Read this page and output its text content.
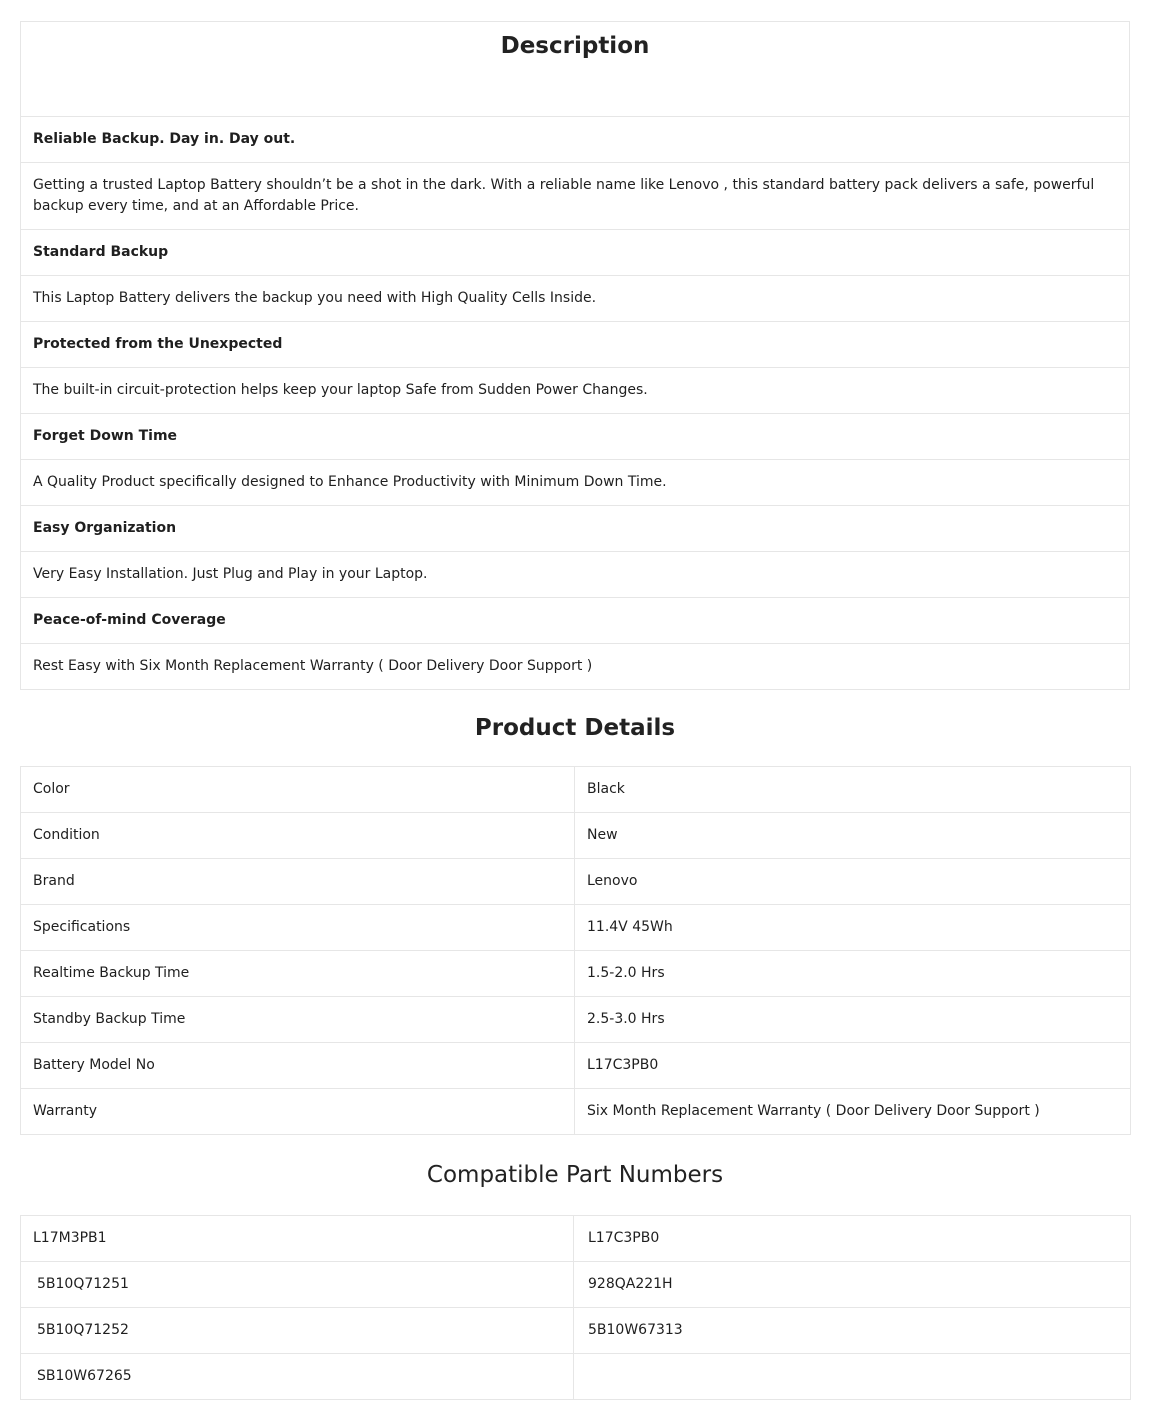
Description
Reliable Backup. Day in. Day out.
Getting a trusted Laptop Battery shouldn’t be a shot in the dark. With a reliable name like Lenovo , this standard battery pack delivers a safe, powerful backup every time, and at an Affordable Price.
Standard Backup
This Laptop Battery delivers the backup you need with High Quality Cells Inside.
Protected from the Unexpected
The built-in circuit-protection helps keep your laptop Safe from Sudden Power Changes.
Forget Down Time
A Quality Product specifically designed to Enhance Productivity with Minimum Down Time.
Easy Organization
Very Easy Installation. Just Plug and Play in your Laptop.
Peace-of-mind Coverage
Rest Easy with Six Month Replacement Warranty ( Door Delivery Door Support )
Product Details
Color	Black
Condition	New
Brand	Lenovo
Specifications	11.4V 45Wh
Realtime Backup Time	1.5-2.0 Hrs
Standby Backup Time	2.5-3.0 Hrs
Battery Model No	L17C3PB0
Warranty	Six Month Replacement Warranty ( Door Delivery Door Support )
Compatible Part Numbers
L17M3PB1	L17C3PB0
5B10Q71251	928QA221H
5B10Q71252	5B10W67313
SB10W67265	
